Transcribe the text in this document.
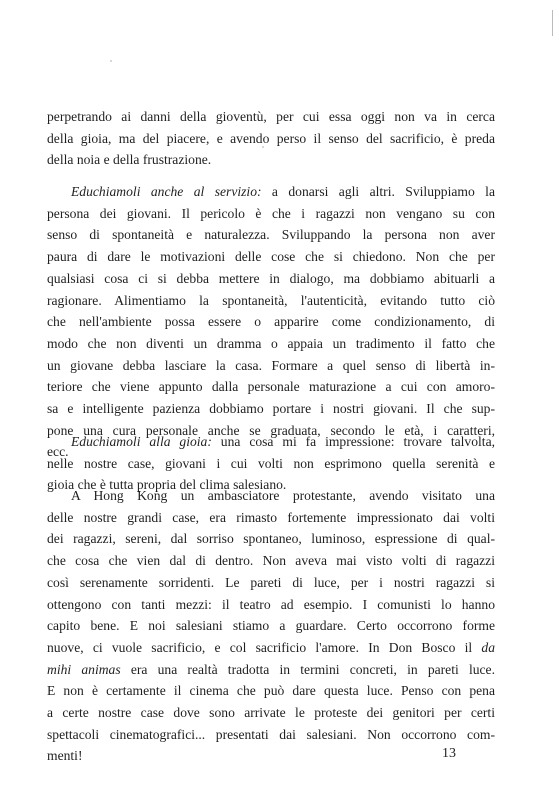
perpetrando ai danni della gioventù, per cui essa oggi non va in cerca
della gioia, ma del piacere, e avendo perso il senso del sacrificio, è preda
della noia e della frustrazione.
Educhiamoli anche al servizio: a donarsi agli altri. Sviluppiamo la
persona dei giovani. Il pericolo è che i ragazzi non vengano su con
senso di spontaneità e naturalezza. Sviluppando la persona non aver
paura di dare le motivazioni delle cose che si chiedono. Non che per
qualsiasi cosa ci si debba mettere in dialogo, ma dobbiamo abituarli a
ragionare. Alimentiamo la spontaneità, l'autenticità, evitando tutto ciò
che nell'ambiente possa essere o apparire come condizionamento, di
modo che non diventi un dramma o appaia un tradimento il fatto che
un giovane debba lasciare la casa. Formare a quel senso di libertà in-
teriore che viene appunto dalla personale maturazione a cui con amoro-
sa e intelligente pazienza dobbiamo portare i nostri giovani. Il che sup-
pone una cura personale anche se graduata, secondo le età, i caratteri,
ecc.
Educhiamoli alla gioia: una cosa mi fa impressione: trovare talvolta,
nelle nostre case, giovani i cui volti non esprimono quella serenità e
gioia che è tutta propria del clima salesiano.
A Hong Kong un ambasciatore protestante, avendo visitato una
delle nostre grandi case, era rimasto fortemente impressionato dai volti
dei ragazzi, sereni, dal sorriso spontaneo, luminoso, espressione di qual-
che cosa che vien dal di dentro. Non aveva mai visto volti di ragazzi
così serenamente sorridenti. Le pareti di luce, per i nostri ragazzi si
ottengono con tanti mezzi: il teatro ad esempio. I comunisti lo hanno
capito bene. E noi salesiani stiamo a guardare. Certo occorrono forme
nuove, ci vuole sacrificio, e col sacrificio l'amore. In Don Bosco il da
mihi animas era una realtà tradotta in termini concreti, in pareti luce.
E non è certamente il cinema che può dare questa luce. Penso con pena
a certe nostre case dove sono arrivate le proteste dei genitori per certi
spettacoli cinematografici... presentati dai salesiani. Non occorrono com-
menti!	13
